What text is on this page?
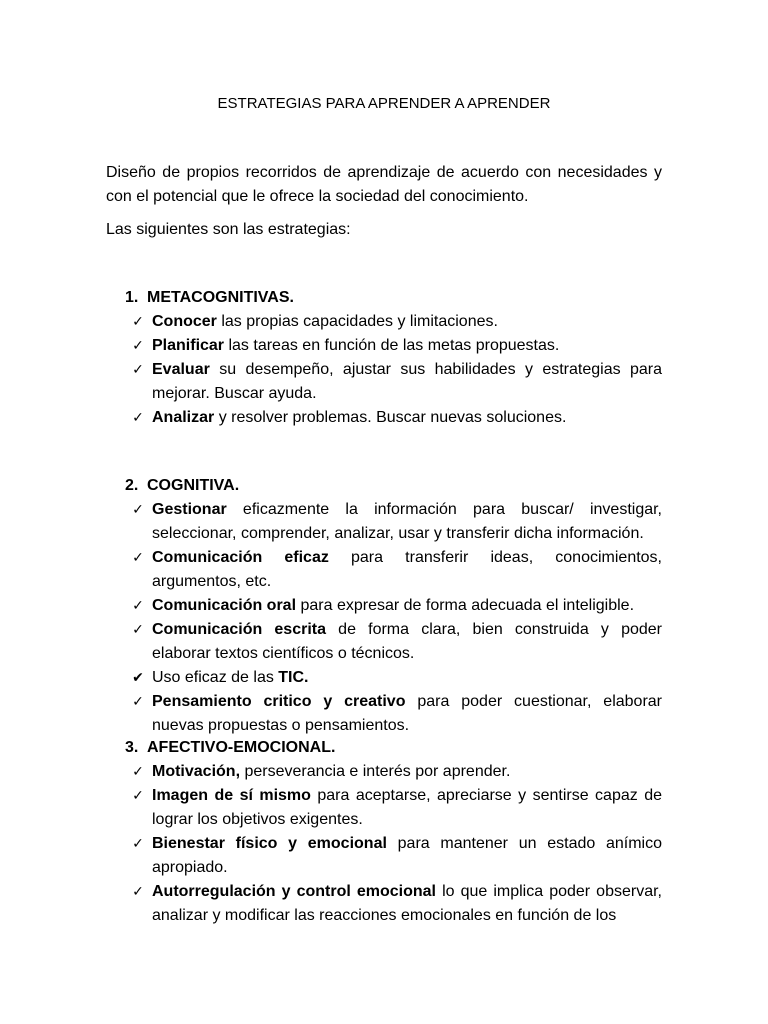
ESTRATEGIAS PARA APRENDER A APRENDER

Diseño de propios recorridos de aprendizaje de acuerdo con necesidades y con el potencial que le ofrece la sociedad del conocimiento.

Las siguientes son las estrategias:

1. METACOGNITIVAS.
✓ Conocer las propias capacidades y limitaciones.
✓ Planificar las tareas en función de las metas propuestas.
✓ Evaluar su desempeño, ajustar sus habilidades y estrategias para mejorar. Buscar ayuda.
✓ Analizar y resolver problemas. Buscar nuevas soluciones.
2. COGNITIVA.
✓ Gestionar eficazmente la información para buscar/ investigar, seleccionar, comprender, analizar, usar y transferir dicha información.
✓ Comunicación eficaz para transferir ideas, conocimientos, argumentos, etc.
✓ Comunicación oral para expresar de forma adecuada el inteligible.
✓ Comunicación escrita de forma clara, bien construida y poder elaborar textos científicos o técnicos.
✔ Uso eficaz de las TIC.
✓ Pensamiento critico y creativo para poder cuestionar, elaborar nuevas propuestas o pensamientos.
3. AFECTIVO-EMOCIONAL.
✓ Motivación, perseverancia e interés por aprender.
✓ Imagen de sí mismo para aceptarse, apreciarse y sentirse capaz de lograr los objetivos exigentes.
✓ Bienestar físico y emocional para mantener un estado anímico apropiado.
✓ Autorregulación y control emocional lo que implica poder observar, analizar y modificar las reacciones emocionales en función de los
